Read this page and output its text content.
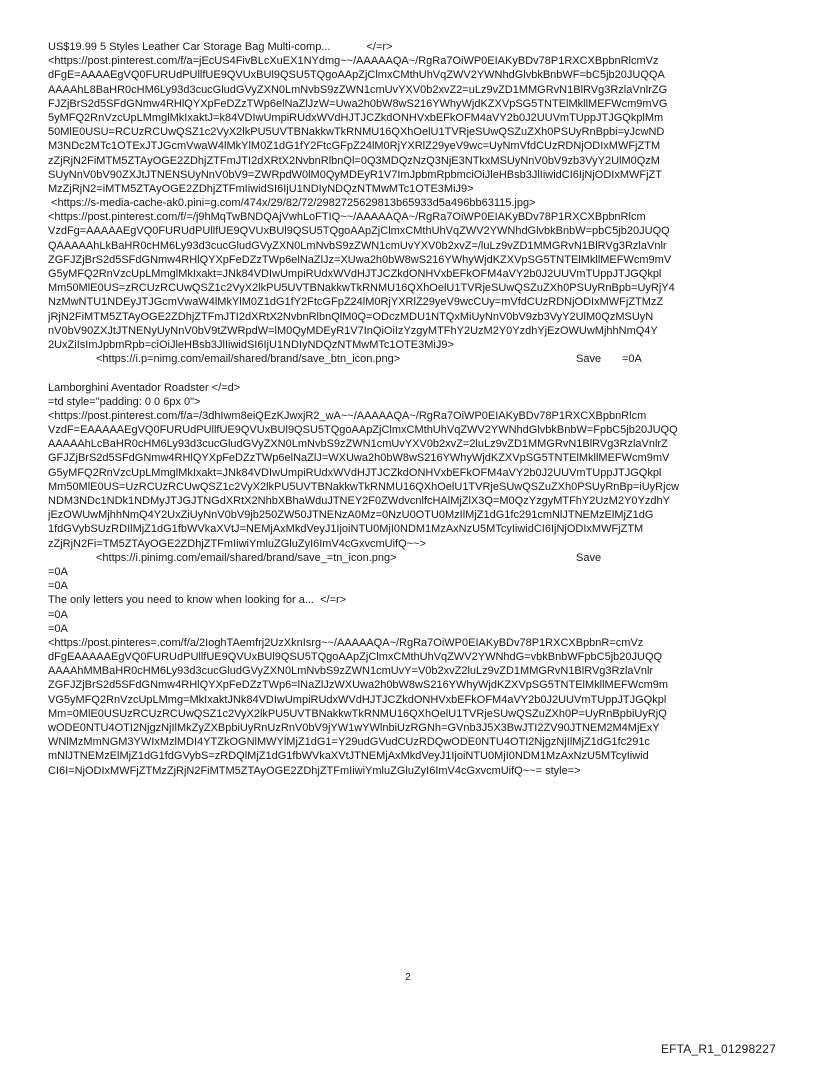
US$19.99 5 Styles Leather Car Storage Bag Multi-comp...	</=r>
<https://post.pinterest.com/f/a=jEcUS4FivBLcXuEX1NYdmg~~/AAAAAQA~/RgRa7OiWP0EIAKyBDv78P1RXCXBpbnRlcmVz
dFgE=AAAAEgVQ0FURUdPUllfUE9QVUxBUl9QSU5TQgoAApZjClmxCMthUhVqZWV2YWNhdGlvbkBnbWF=bC5jb20JUQQA
AAAAhL8BaHR0cHM6Ly93d3cucGludGVyZXN0LmNvbS9zZWN1cmUvYXV0b2xvZ2=uLz9vZD1MMGRvN1BlRVg3RzlaVnlrZG
FJZjBrS2d5SFdGNmw4RHlQYXpFeDZzTWp6elNaZlJzW=Uwa2h0bW8wS216YWhyWjdKZXVpSG5TNTElMkllMEFWcm9mVG
5yMFQ2RnVzcUpLMmglMkIxaktJ=k84VDIwUmpiRUdxWVdHJTJCZkdONHVxbEFkOFM4aVY2b0J2UUVmTUppJTJGQkplMm
50MlE0USU=RCUzRCUwQSZ1c2VyX2lkPU5UVTBNakkwTkRNMU16QXhOelU1TVRjeSUwQSZuZXh0PSUyRnBpbi=yJcwND
M3NDc2MTc1OTExJTJGcmVwaW4lMkYlM0Z1dG1fY2FtcGFpZ24lM0RjYXRlZ29yeV9wc=UyNmVfdCUzRDNjODIxMWFjZTM
zZjRjN2FiMTM5ZTAyOGE2ZDhjZTFmJTI2dXRtX2NvbnRlbnQl=0Q3MDQzNzQ3NjE3NTkxMSUyNnV0bV9zb3VyY2UlM0QzM
SUyNnV0bV90ZXJtJTNENSUyNnV0bV9=ZWRpdW0lM0QyMDEyR1V7ImJpbmRpbmciOiJleHBsb3JlIiwidCI6IjNjODIxMWFjZT
MzZjRjN2=iMTM5ZTAyOGE2ZDhjZTFmIiwidSI6IjU1NDIyNDQzNTMwMTc1OTE3MiJ9>
<https://s-media-cache-ak0.pini=g.com/474x/29/82/72/2982725629813b65933d5a496bb63115.jpg>
<https://post.pinterest.com/f/=/j9hMqTwBNDQAjVwhLoFTIQ~~/AAAAAQA~/RgRa7OiWP0EIAKyBDv78P1RXCXBpbnRlcm
VzdFg=AAAAAEgVQ0FURUdPUllfUE9QVUxBUl9QSU5TQgoAApZjClmxCMthUhVqZWV2YWNhdGlvbkBnbW=pbC5jb20JUQQ
QAAAAAhLkBaHR0cHM6Ly93d3cucGludGVyZXN0LmNvbS9zZWN1cmUvYXV0b2xvZ=/luLz9vZD1MMGRvN1BlRVg3RzlaVnlr
ZGFJZjBrS2d5SFdGNmw4RHlQYXpFeDZzTWp6elNaZlJz=XUwa2h0bW8wS216YWhyWjdKZXVpSG5TNTElMkllMEFWcm9mV
G5yMFQ2RnVzcUpLMmglMkIxakt=JNk84VDIwUmpiRUdxWVdHJTJCZkdONHVxbEFkOFM4aVY2b0J2UUVmTUppJTJGQkpl
Mm50MlE0US=zRCUzRCUwQSZ1c2VyX2lkPU5UVTBNakkwTkRNMU16QXhOelU1TVRjeSUwQSZuZXh0PSUyRnBpb=UyRjY4
NzMwNTU1NDEyJTJGcmVwaW4lMkYlM0Z1dG1fY2FtcGFpZ24lM0RjYXRlZ29yeV9wcCUy=mVfdCUzRDNjODIxMWFjZTMzZ
jRjN2FiMTM5ZTAyOGE2ZDhjZTFmJTI2dXRtX2NvbnRlbnQlM0Q=ODczMDU1NTQxMiUyNnV0bV9zb3VyY2UlM0QzMSUyN
nV0bV90ZXJtJTNENyUyNnV0bV9tZWRpdW=lM0QyMDEyR1V7InQiOiIzYzgyMTFhY2UzM2Y0YzdhYjEzOWUwMjhhNmQ4Y
2UxZiIsImJpbmRpb=ciOiJleHBsb3JlIiwidSI6IjU1NDIyNDQzNTMwMTc1OTE3MiJ9>
<https://i.p=nimg.com/email/shared/brand/save_btn_icon.png>	Save	=0A
Lamborghini Aventador Roadster </=d>
=td style="padding: 0 0 6px 0">
<https://post.pinterest.com/f/a=/3dhIwm8eiQEzKJwxjR2_wA~~/AAAAAQA~/RgRa7OiWP0EIAKyBDv78P1RXCXBpbnRlcm
VzdF=EAAAAAEgVQ0FURUdPUllfUE9QVUxBUl9QSU5TQgoAApZjClmxCMthUhVqZWV2YWNhdGlvbkBnbW=FpbC5jb20JUQQ
AAAAAhLcBaHR0cHM6Ly93d3cucGludGVyZXN0LmNvbS9zZWN1cmUvYXV0b2xvZ=2luLz9vZD1MMGRvN1BlRVg3RzlaVnlrZ
GFJZjBrS2d5SFdGNmw4RHlQYXpFeDZzTWp6elNaZlJ=WXUwa2h0bW8wS216YWhyWjdKZXVpSG5TNTElMkllMEFWcm9mV
G5yMFQ2RnVzcUpLMmglMkIxakt=JNk84VDIwUmpiRUdxWVdHJTJCZkdONHVxbEFkOFM4aVY2b0J2UUVmTUppJTJGQkpl
Mm50MlE0US=UzRCUzRCUwQSZ1c2VyX2lkPU5UVTBNakkwTkRNMU16QXhOelU1TVRjeSUwQSZuZXh0PSUyRnBp=iUyRjcw
NDM3NDc1NDk1NDMyJTJGJTNGdXRtX2NhbXBhaWduJTNEY2F0ZWdvcnlfcHAlMjZlX3Q=M0QzYzgyMTFhY2UzM2Y0YzdhY
jEzOWUwMjhhNmQ4Y2UxZiUyNnV0bV9jb250ZW50JTNENzA0Mz=0NzU0OTU0MzIlMjZ1dG1fc291cmNlJTNEMzElMjZ1dG
1fdGVybSUzRDIlMjZ1dG1fbWVkaXVtJ=NEMjAxMkdVeyJ1IjoiNTU0MjI0NDM1MzAxNzU5MTcyIiwidCI6IjNjODIxMWFjZTM
zZjRjN2Fi=TM5ZTAyOGE2ZDhjZTFmIiwiYmluZGluZyI6ImV4cGxvcmUifQ~~>
<https://i.pinimg.com/email/shared/brand/save_=tn_icon.png>	Save
=0A
=0A
The only letters you need to know when looking for a...  </=r>
=0A
=0A
<https://post.pinteres=.com/f/a/2IoghTAemfrj2UzXknIsrg~~/AAAAAQA~/RgRa7OiWP0EIAKyBDv78P1RXCXBpbnR=cmVz
dFgEAAAAAEgVQ0FURUdPUllfUE9QVUxBUl9QSU5TQgoAApZjClmxCMthUhVqZWV2YWNhdG=vbkBnbWFpbC5jb20JUQQ
AAAAhMMBaHR0cHM6Ly93d3cucGludGVyZXN0LmNvbS9zZWN1cmUvY=V0b2xvZ2luLz9vZD1MMGRvN1BlRVg3RzlaVnlr
ZGFJZjBrS2d5SFdGNmw4RHlQYXpFeDZzTWp6=lNaZlJzWXUwa2h0bW8wS216YWhyWjdKZXVpSG5TNTElMkllMEFWcm9m
VG5yMFQ2RnVzcUpLMmg=MkIxaktJNk84VDIwUmpiRUdxWVdHJTJCZkdONHVxbEFkOFM4aVY2b0J2UUVmTUppJTJGQkpl
Mm=0MlE0USUzRCUzRCUwQSZ1c2VyX2lkPU5UVTBNakkwTkRNMU16QXhOelU1TVRjeSUwQSZuZXh0P=UyRnBpbiUyRjQ
wODE0NTU4OTI2NjgzNjIlMkZyZXBpbiUyRnUzRnV0bV9jYW1wYWlnbiUzRGNh=GVnb3J5X3BwJTI2ZV90JTNEM2M4MjExY
WNlMzMmNGM3YWIxMzlMDI4YTZkOGNlMWYlMjZ1dG1=Y29udGVudCUzRDQwODE0NTU4OTI2NjgzNjIlMjZ1dG1fc291c
mNlJTNEMzElMjZ1dG1fdGVybS=zRDQlMjZ1dG1fbWVkaXVtJTNEMjAxMkdVeyJ1IjoiNTU0MjI0NDM1MzAxNzU5MTcyIiwid
CI6I=NjODIxMWFjZTMzZjRjN2FiMTM5ZTAyOGE2ZDhjZTFmIiwiYmluZGluZyI6ImV4cGxvcmUifQ~~= style=>
2
EFTA_R1_01298227
